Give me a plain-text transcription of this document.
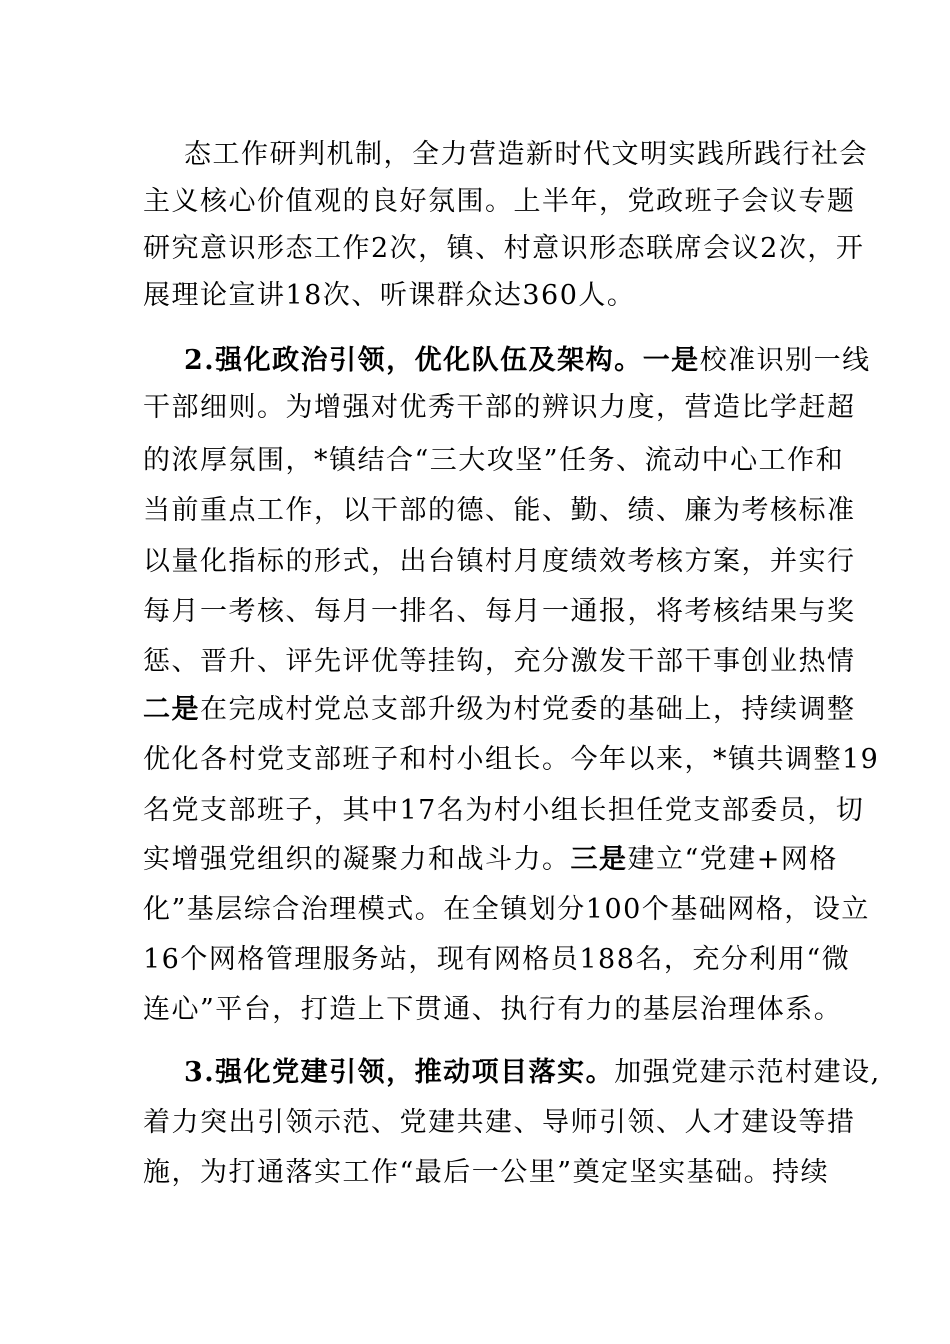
态工作研判机制，全力营造新时代文明实践所践行社会
主义核心价值观的良好氛围。上半年，党政班子会议专题
研究意识形态工作2次，镇、村意识形态联席会议2次，开
展理论宣讲18次、听课群众达360人。
2.强化政治引领，优化队伍及架构。一是校准识别一线
干部细则。为增强对优秀干部的辨识力度，营造比学赶超
的浓厚氛围，*镇结合“三大攻坚”任务、流动中心工作和
当前重点工作，以干部的德、能、勤、绩、廉为考核标准
以量化指标的形式，出台镇村月度绩效考核方案，并实行
每月一考核、每月一排名、每月一通报，将考核结果与奖
惩、晋升、评先评优等挂钩，充分激发干部干事创业热情
二是在完成村党总支部升级为村党委的基础上，持续调整
优化各村党支部班子和村小组长。今年以来，*镇共调整19
名党支部班子，其中17名为村小组长担任党支部委员，切
实增强党组织的凝聚力和战斗力。三是建立“党建+网格
化”基层综合治理模式。在全镇划分100个基础网格，设立
16个网格管理服务站，现有网格员188名，充分利用“微
连心”平台，打造上下贯通、执行有力的基层治理体系。
3.强化党建引领，推动项目落实。加强党建示范村建设,
着力突出引领示范、党建共建、导师引领、人才建设等措
施，为打通落实工作“最后一公里”奠定坚实基础。持续
